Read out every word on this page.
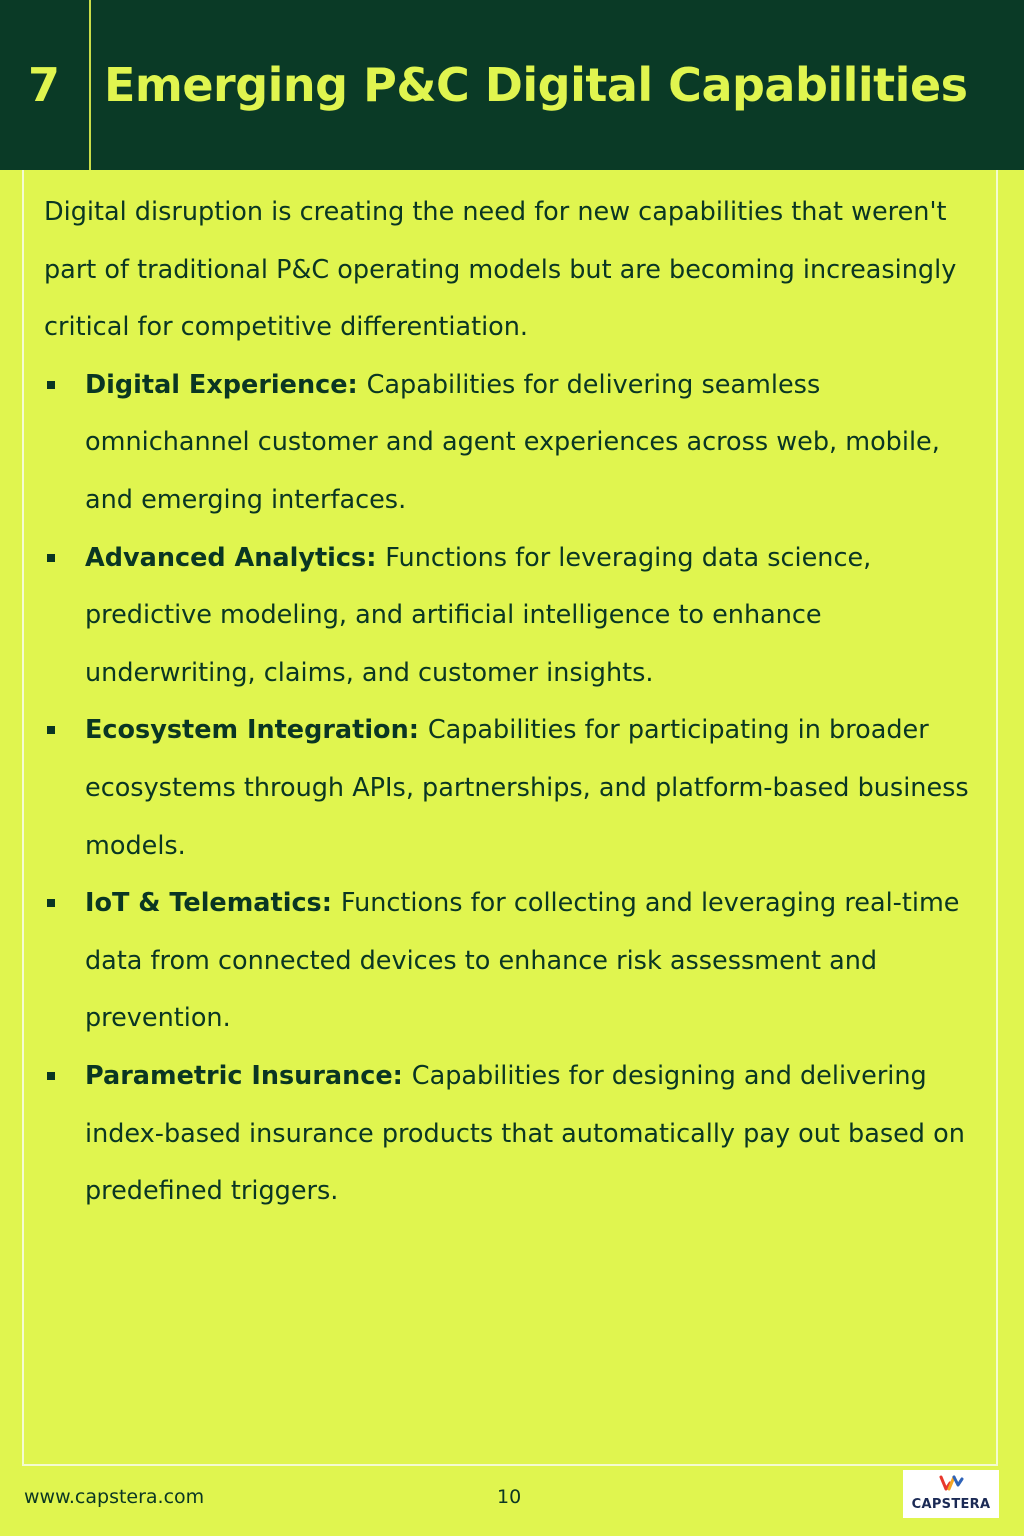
7 Emerging P&C Digital Capabilities

Digital disruption is creating the need for new capabilities that weren't part of traditional P&C operating models but are becoming increasingly critical for competitive differentiation.

Digital Experience: Capabilities for delivering seamless omnichannel customer and agent experiences across web, mobile, and emerging interfaces.
Advanced Analytics: Functions for leveraging data science, predictive modeling, and artificial intelligence to enhance underwriting, claims, and customer insights.
Ecosystem Integration: Capabilities for participating in broader ecosystems through APIs, partnerships, and platform-based business models.
IoT & Telematics: Functions for collecting and leveraging real-time data from connected devices to enhance risk assessment and prevention.
Parametric Insurance: Capabilities for designing and delivering index-based insurance products that automatically pay out based on predefined triggers.
www.capstera.com	10	CAPSTERA
